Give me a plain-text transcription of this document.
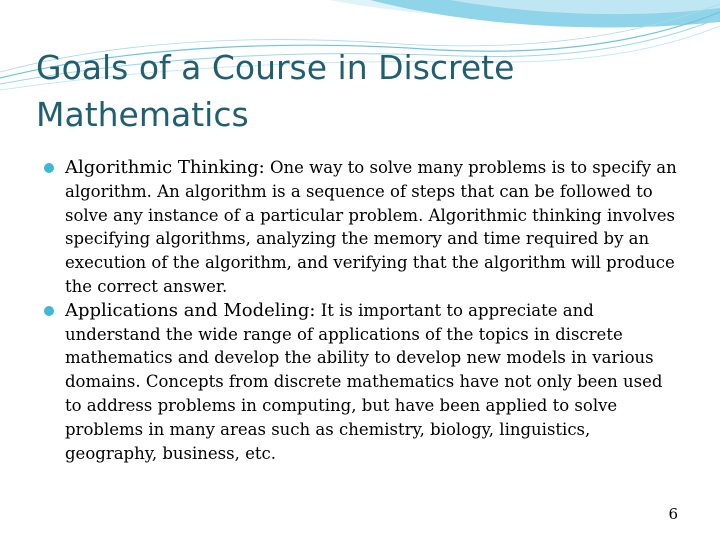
Goals of a Course in Discrete Mathematics
Algorithmic Thinking: One way to solve many problems is to specify an algorithm. An algorithm is a sequence of steps that can be followed to solve any instance of a particular problem. Algorithmic thinking involves specifying algorithms, analyzing the memory and time required by an execution of the algorithm, and verifying that the algorithm will produce the correct answer.
Applications and Modeling: It is important to appreciate and understand the wide range of applications of the topics in discrete mathematics and develop the ability to develop new models in various domains. Concepts from discrete mathematics have not only been used to address problems in computing, but have been applied to solve problems in many areas such as chemistry, biology, linguistics, geography, business, etc.
6
